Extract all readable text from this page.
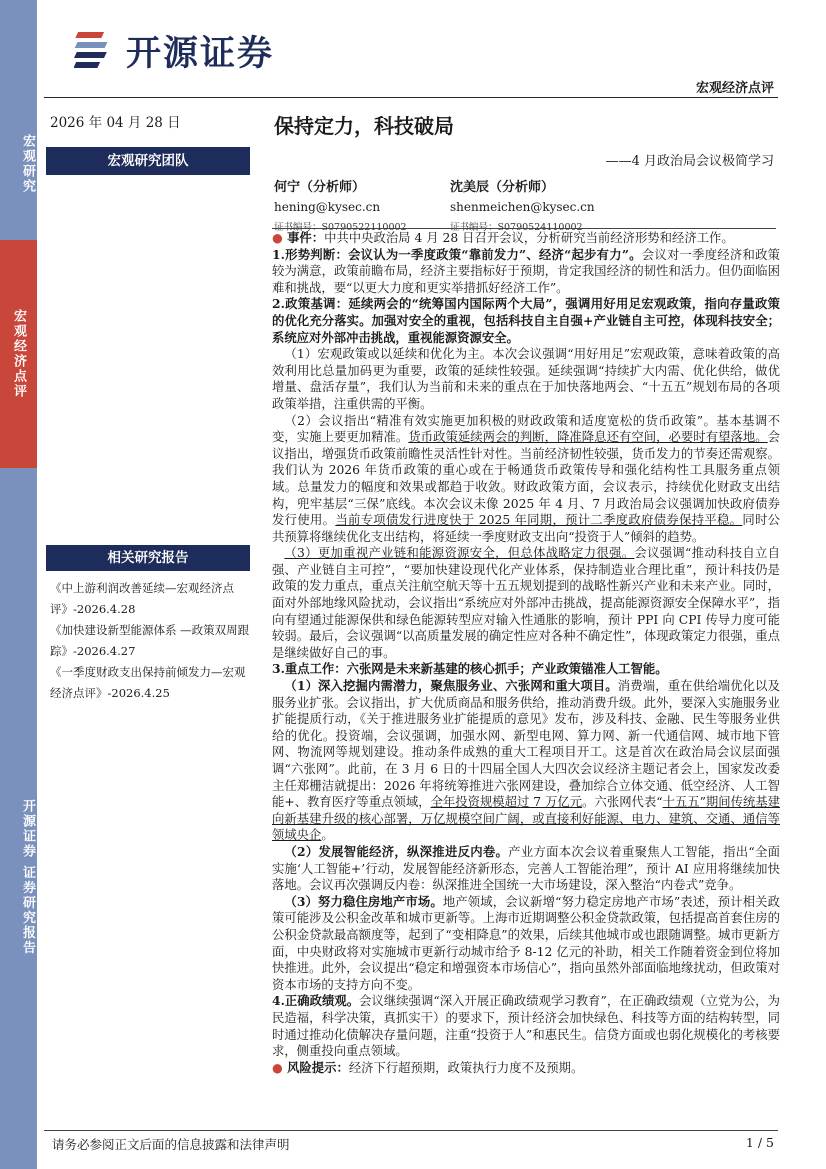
开源证券
宏观经济点评
宏观研究
宏观经济点评
开源证券 证券研究报告
2026 年 04 月 28 日
宏观研究团队
相关研究报告
《中上游利润改善延续—宏观经济点评》-2026.4.28
《加快建设新型能源体系 —政策双周跟踪》-2026.4.27
《一季度财政支出保持前倾发力—宏观经济点评》-2026.4.25
保持定力，科技破局
——4 月政治局会议极简学习
何宁（分析师）
hening@kysec.cn
证书编号：S0790522110002
沈美辰（分析师）
shenmeichen@kysec.cn
证书编号：S0790524110002

● 事件：中共中央政治局 4 月 28 日召开会议，分析研究当前经济形势和经济工作。

1.形势判断：会议认为一季度政策“靠前发力”、经济“起步有力”。会议对一季度经济和政策较为满意，政策前瞻布局，经济主要指标好于预期，肯定我国经济的韧性和活力。但仍面临困难和挑战，要“以更大力度和更实举措抓好经济工作”。

2.政策基调：延续两会的“统筹国内国际两个大局”，强调用好用足宏观政策，指向存量政策的优化充分落实。加强对安全的重视，包括科技自主自强+产业链自主可控，体现科技安全；系统应对外部冲击挑战，重视能源资源安全。

（1）宏观政策或以延续和优化为主。本次会议强调“用好用足”宏观政策，意味着政策的高效利用比总量加码更为重要，政策的延续性较强。延续强调“持续扩大内需、优化供给，做优增量、盘活存量”，我们认为当前和未来的重点在于加快落地两会、“十五五”规划布局的各项政策举措，注重供需的平衡。

（2）会议指出“精准有效实施更加积极的财政政策和适度宽松的货币政策”。基本基调不变，实施上要更加精准。货币政策延续两会的判断，降准降息还有空间，必要时有望落地。会议指出，增强货币政策前瞻性灵活性针对性。当前经济韧性较强，货币发力的节奏还需观察。我们认为 2026 年货币政策的重心或在于畅通货币政策传导和强化结构性工具服务重点领域。总量发力的幅度和效果或都趋于收敛。财政政策方面，会议表示，持续优化财政支出结构，兜牢基层“三保”底线。本次会议未像 2025 年 4 月、7 月政治局会议强调加快政府债券发行使用。当前专项债发行进度快于 2025 年同期，预计二季度政府债券保持平稳。同时公共预算将继续优化支出结构，将延续一季度财政支出向“投资于人”倾斜的趋势。

（3）更加重视产业链和能源资源安全，但总体战略定力很强。会议强调“推动科技自立自强、产业链自主可控”，“要加快建设现代化产业体系，保持制造业合理比重”，预计科技仍是政策的发力重点，重点关注航空航天等十五五规划提到的战略性新兴产业和未来产业。同时，面对外部地缘风险扰动，会议指出“系统应对外部冲击挑战，提高能源资源安全保障水平”，指向有望通过能源保供和绿色能源转型应对输入性通胀的影响，预计 PPI 向 CPI 传导力度可能较弱。最后，会议强调“以高质量发展的确定性应对各种不确定性”，体现政策定力很强，重点是继续做好自己的事。

3.重点工作：六张网是未来新基建的核心抓手；产业政策锚准人工智能。

（1）深入挖掘内需潜力，聚焦服务业、六张网和重大项目。消费端，重在供给端优化以及服务业扩张。会议指出，扩大优质商品和服务供给，推动消费升级。此外，要深入实施服务业扩能提质行动，《关于推进服务业扩能提质的意见》发布，涉及科技、金融、民生等服务业供给的优化。投资端，会议强调，加强水网、新型电网、算力网、新一代通信网、城市地下管网、物流网等规划建设。推动条件成熟的重大工程项目开工。这是首次在政治局会议层面强调“六张网”。此前，在 3 月 6 日的十四届全国人大四次会议经济主题记者会上，国家发改委主任郑栅洁就提出：2026 年将统筹推进六张网建设，叠加综合立体交通、低空经济、人工智能+、教育医疗等重点领域，全年投资规模超过 7 万亿元。六张网代表“十五五”期间传统基建向新基建升级的核心部署，万亿规模空间广阔，或直接利好能源、电力、建筑、交通、通信等领域央企。

（2）发展智能经济，纵深推进反内卷。产业方面本次会议着重聚焦人工智能，指出“全面实施‘人工智能+’行动，发展智能经济新形态，完善人工智能治理”，预计 AI 应用将继续加快落地。会议再次强调反内卷：纵深推进全国统一大市场建设，深入整治“内卷式”竞争。

（3）努力稳住房地产市场。地产领域，会议新增“努力稳定房地产市场”表述，预计相关政策可能涉及公积金改革和城市更新等。上海市近期调整公积金贷款政策，包括提高首套住房的公积金贷款最高额度等，起到了“变相降息”的效果，后续其他城市或也跟随调整。城市更新方面，中央财政将对实施城市更新行动城市给予 8-12 亿元的补助，相关工作随着资金到位将加快推进。此外，会议提出“稳定和增强资本市场信心”，指向虽然外部面临地缘扰动，但政策对资本市场的支持方向不变。

4.正确政绩观。会议继续强调“深入开展正确政绩观学习教育”，在正确政绩观（立党为公，为民造福，科学决策，真抓实干）的要求下，预计经济会加快绿色、科技等方面的结构转型，同时通过推动化债解决存量问题，注重“投资于人”和惠民生。信贷方面或也弱化规模化的考核要求，侧重投向重点领域。

● 风险提示：经济下行超预期，政策执行力度不及预期。

请务必参阅正文后面的信息披露和法律声明	1 / 5
